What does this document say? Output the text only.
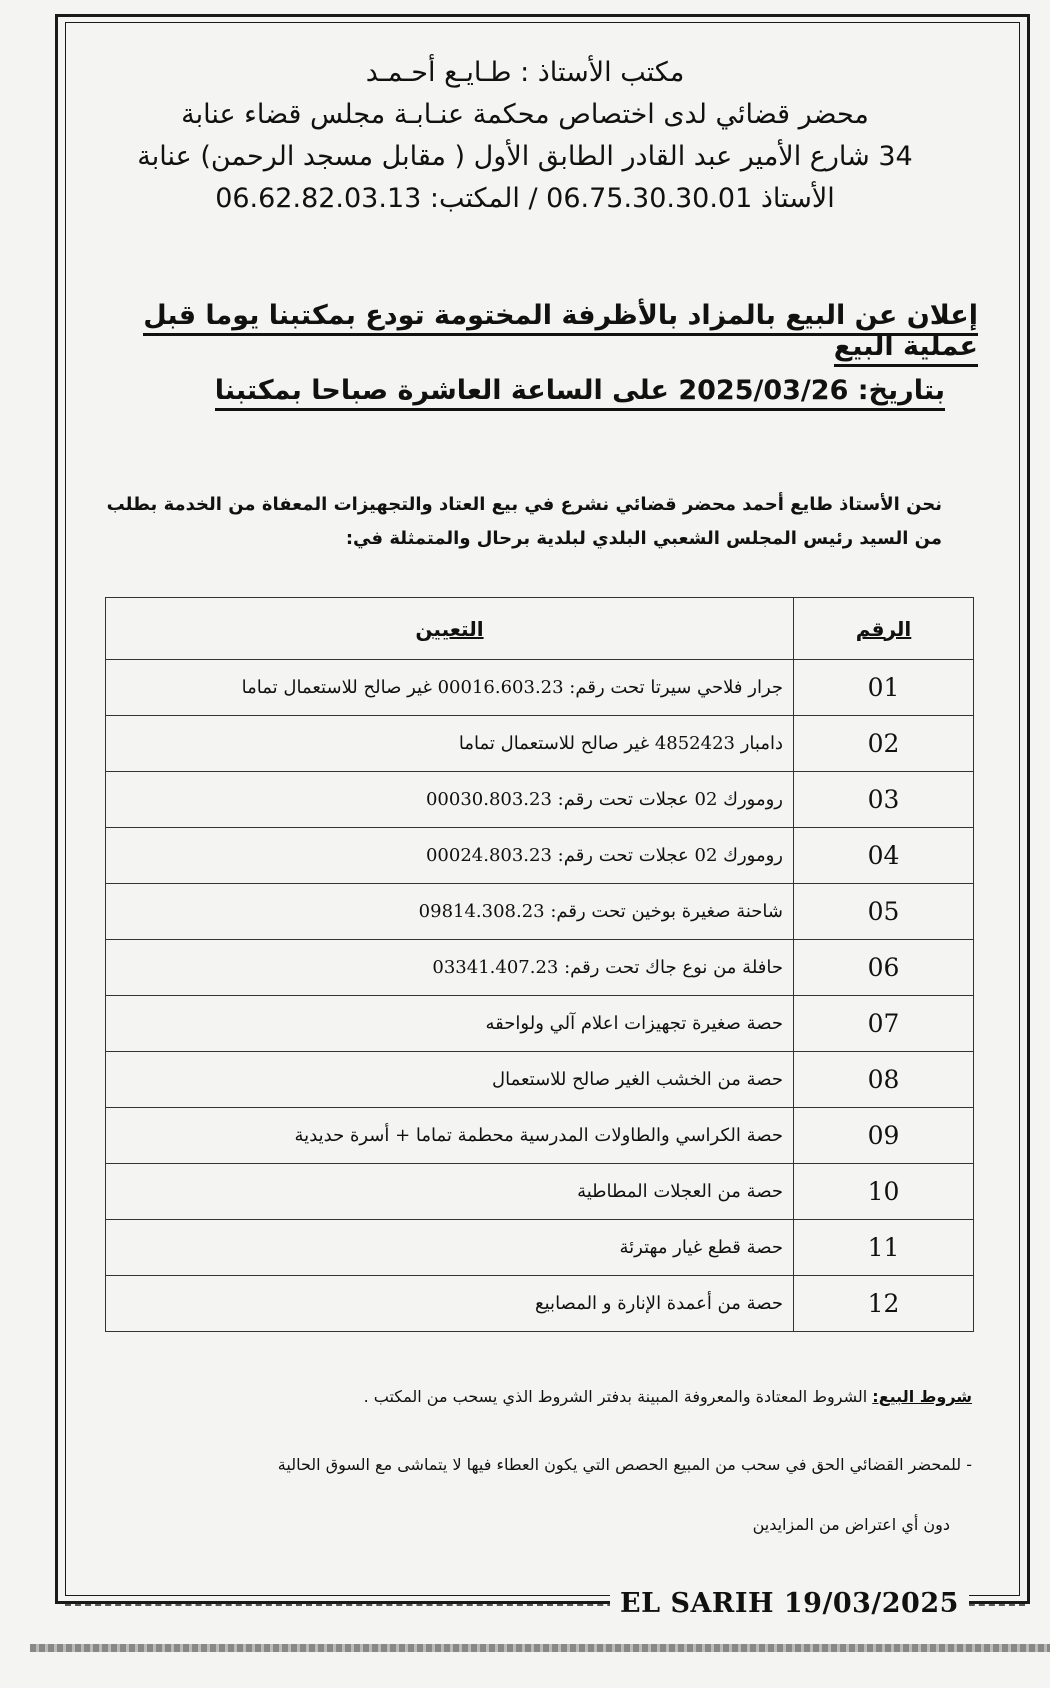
مكتب الأستاذ : طـايـع أحـمـد
محضر قضائي لدى اختصاص محكمة عنـابـة مجلس قضاء عنابة
34 شارع الأمير عبد القادر الطابق الأول ( مقابل مسجد الرحمن) عنابة
الأستاذ 06.75.30.30.01 / المكتب: 06.62.82.03.13
إعلان عن البيع بالمزاد بالأظرفة المختومة تودع بمكتبنا يوما قبل عملية البيع
بتاريخ: 2025/03/26 على الساعة العاشرة صباحا بمكتبنا
نحن الأستاذ طايع أحمد محضر قضائي نشرع في بيع العتاد والتجهيزات المعفاة من الخدمة بطلب من السيد رئيس المجلس الشعبي البلدي لبلدية برحال والمتمثلة في:
الرقم	التعيين
01	جرار فلاحي سيرتا تحت رقم: 00016.603.23 غير صالح للاستعمال تماما
02	دامبار 4852423 غير صالح للاستعمال تماما
03	رومورك 02 عجلات تحت رقم: 00030.803.23
04	رومورك 02 عجلات تحت رقم: 00024.803.23
05	شاحنة صغيرة بوخين تحت رقم: 09814.308.23
06	حافلة من نوع جاك تحت رقم: 03341.407.23
07	حصة صغيرة تجهيزات اعلام آلي ولواحقه
08	حصة من الخشب الغير صالح للاستعمال
09	حصة الكراسي والطاولات المدرسية محطمة تماما + أسرة حديدية
10	حصة من العجلات المطاطية
11	حصة قطع غيار مهترئة
12	حصة من أعمدة الإنارة و المصابيع
شروط البيع: الشروط المعتادة والمعروفة المبينة بدفتر الشروط الذي يسحب من المكتب .
- للمحضر القضائي الحق في سحب من المبيع الحصص التي يكون العطاء فيها لا يتماشى مع السوق الحالية
دون أي اعتراض من المزايدين
EL SARIH 19/03/2025
